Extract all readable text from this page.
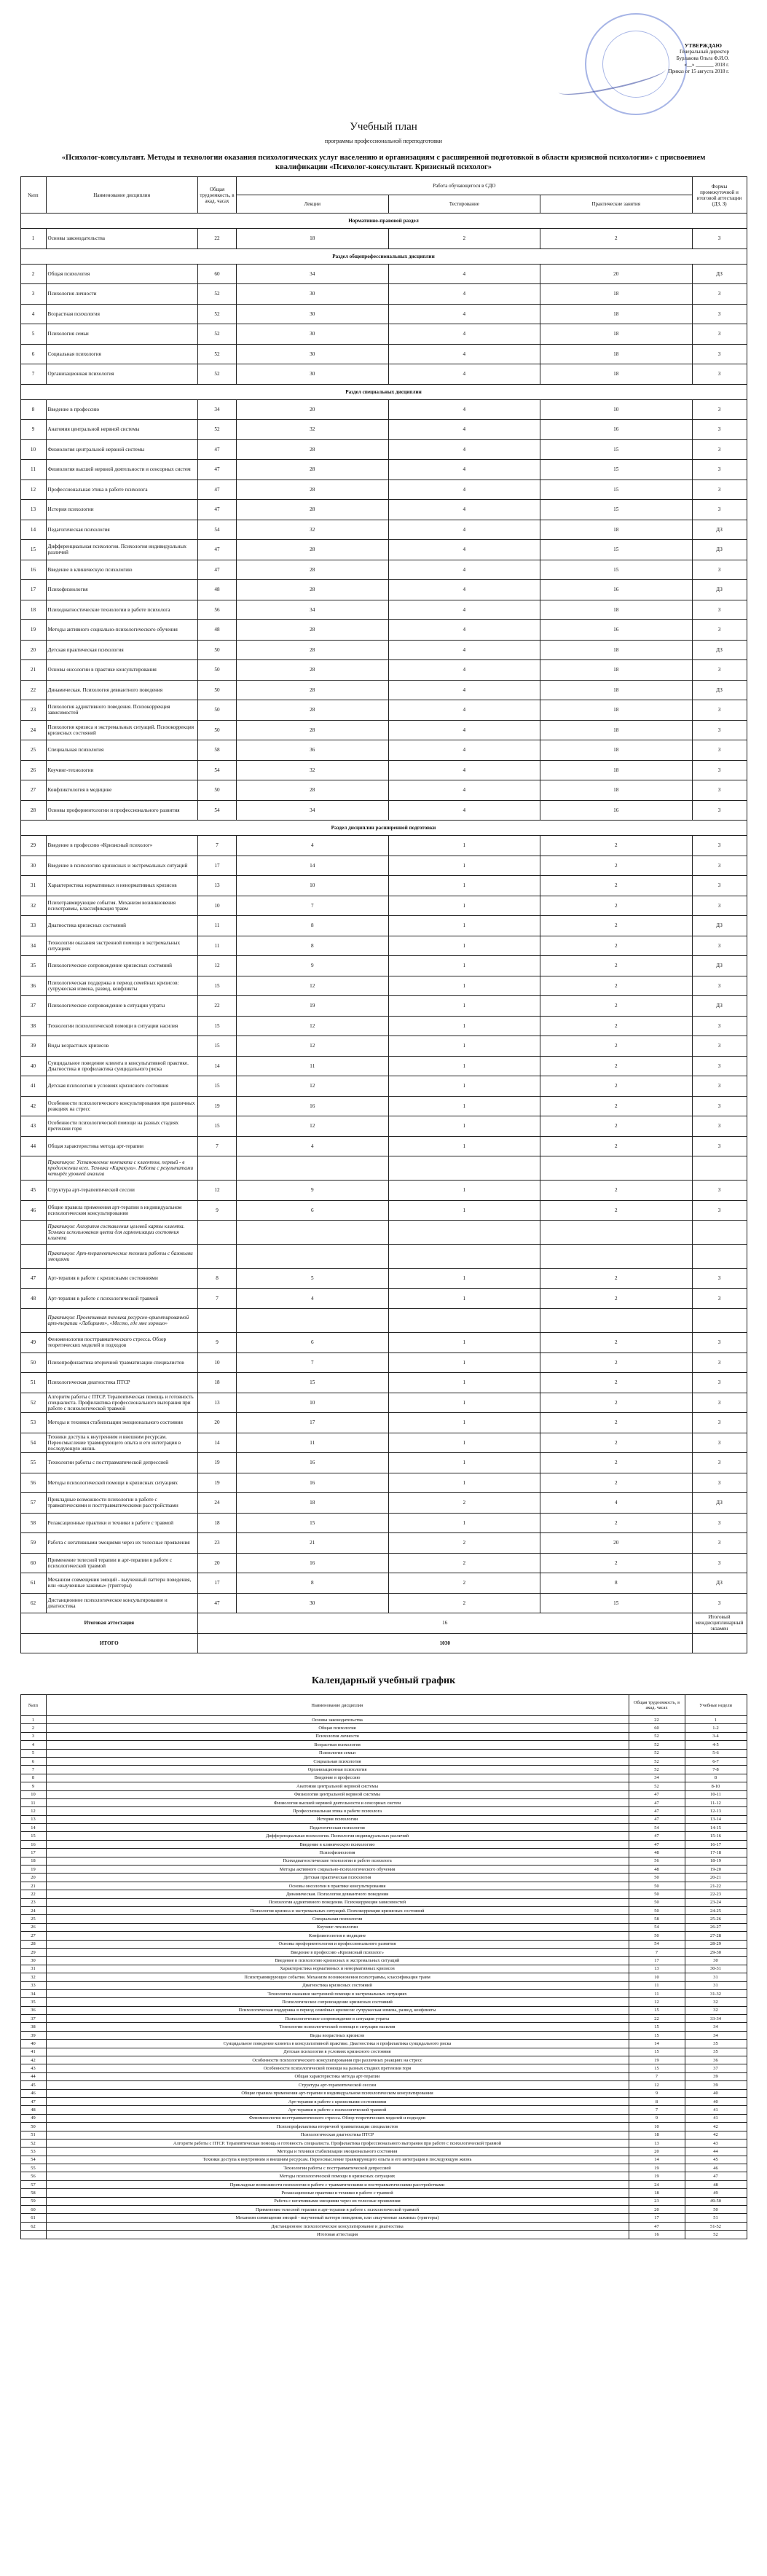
УТВЕРЖДАЮ
Генеральный директор
Бурлакова Ольга Ф.И.О.
«__» _______ 2018 г.
Приказ от 15 августа 2018 г.
Учебный план
программы профессиональной переподготовки
«Психолог-консультант. Методы и технологии оказания психологических услуг населению и организациям с расширенной подготовкой в области кризисной психологии» с присвоением квалификации «Психолог-консультант. Кризисный психолог»
№пп	Наименование дисциплин	Общая трудоемкость, в акад. часах	Работа обучающегося в СДО			Формы промежуточной и итоговой аттестации (ДЗ, З)
			Лекции	Тестирование	Практические занятия	
Нормативно-правовой раздел						
1	Основы законодательства	22	18	2	2	З
Раздел общепрофессиональных дисциплин						
2	Общая психология	60	34	4	20	ДЗ
3	Психология личности	52	30	4	18	З
4	Возрастная психология	52	30	4	18	З
5	Психология семьи	52	30	4	18	З
6	Социальная психология	52	30	4	18	З
7	Организационная психология	52	30	4	18	З
Раздел специальных дисциплин						
8	Введение в профессию	34	20	4	10	З
9	Анатомия центральной нервной системы	52	32	4	16	З
10	Физиология центральной нервной системы	47	28	4	15	З
11	Физиология высшей нервной деятельности и сенсорных систем	47	28	4	15	З
12	Профессиональная этика в работе психолога	47	28	4	15	З
13	История психологии	47	28	4	15	З
14	Педагогическая психология	54	32	4	18	ДЗ
15	Дифференциальная психология. Психология индивидуальных различий	47	28	4	15	ДЗ
16	Введение в клиническую психологию	47	28	4	15	З
17	Психофизиология	48	28	4	16	ДЗ
18	Психодиагностические технологии в работе психолога	56	34	4	18	З
19	Методы активного социально-психологического обучения	48	28	4	16	З
20	Детская практическая психология	50	28	4	18	ДЗ
21	Основы онсологии в практике консультирования	50	28	4	18	З
22	Динамическая. Психология девиантного поведения	50	28	4	18	ДЗ
23	Психология аддиктивного поведения. Психокоррекция зависимостей	50	28	4	18	З
24	Психология кризиса и экстремальных ситуаций. Психокоррекция кризисных состояний	50	28	4	18	З
25	Специальная психология	58	36	4	18	З
26	Коучинг-технологии	54	32	4	18	З
27	Конфликтология в медицине	50	28	4	18	З
28	Основы профориентологии и профессионального развития	54	34	4	16	З
Раздел дисциплин расширенной подготовки						
29	Введение в профессию «Кризисный психолог»	7	4	1	2	З
30	Введение в психологию кризисных и экстремальных ситуаций	17	14	1	2	З
31	Характеристика нормативных и ненормативных кризисов	13	10	1	2	З
32	Психотравмирующие события. Механизм возникновения психотравмы, классификация травм	10	7	1	2	З
33	Диагностика кризисных состояний	11	8	1	2	ДЗ
34	Технологии оказания экстренной помощи в экстремальных ситуациях	11	8	1	2	З
35	Психологическое сопровождение кризисных состояний	12	9	1	2	ДЗ
36	Психологическая поддержка в период семейных кризисов: супружеская измена, развод, конфликты	15	12	1	2	З
37	Психологическое сопровождение в ситуации утраты	22	19	1	2	ДЗ
38	Технологии психологической помощи в ситуации насилия	15	12	1	2	З
39	Виды возрастных кризисов	15	12	1	2	З
40	Суицидальное поведение клиента в консультативной практике. Диагностика и профилактика суицидального риска	14	11	1	2	З
41	Детская психология в условиях кризисного состояния	15	12	1	2	З
42	Особенности психологического консультирования при различных реакциях на стресс	19	16	1	2	З
43	Особенности психологической помощи на разных стадиях претензии горя	15	12	1	2	З
44	Общая характеристика метода арт-терапии	7	4	1	2	З
	Практикум: Установление контакта с клиентом, первый - в продолжении всех. Техника «Каракули». Работа с результатами четырёх уровней анализа					
45	Структура арт-терапевтической сессии	12	9	1	2	З
46	Общие правила применения арт-терапии в индивидуальном психологическом консультировании	9	6	1	2	З
	Практикум: Алгоритм составления целевой карты клиента. Техники использования цвета для гармонизации состояния клиента					
	Практикум: Арт-терапевтические техники работы с базовыми эмоциями					
47	Арт-терапия в работе с кризисными состояниями	8	5	1	2	З
48	Арт-терапия в работе с психологической травмой	7	4	1	2	З
	Практикум: Проективная техника ресурсно-ориентированной арт-терапии «Лабиринт», «Место, где мне хорошо»					
49	Феноменология посттравматического стресса. Обзор теоретических моделей и подходов	9	6	1	2	З
50	Психопрофилактика вторичной травматизации специалистов	10	7	1	2	З
51	Психологическая диагностика ПТСР	18	15	1	2	З
52	Алгоритм работы с ПТСР. Терапевтическая помощь и готовность специалиста. Профилактика профессионального выгорания при работе с психологической травмой	13	10	1	2	З
53	Методы и техники стабилизации эмоционального состояния	20	17	1	2	З
54	Техники доступа к внутренним и внешним ресурсам. Переосмысление травмирующего опыта и его интеграция в последующую жизнь	14	11	1	2	З
55	Технологии работы с посттравматической депрессией	19	16	1	2	З
56	Методы психологической помощи в кризисных ситуациях	19	16	1	2	З
57	Прикладные возможности психологии в работе с травматическими и посттравматическими расстройствами	24	18	2	4	ДЗ
58	Релаксационные практики и техники в работе с травмой	18	15	1	2	З
59	Работа с негативными эмоциями через их телесные проявления	23	21	2	20	З
60	Применение телесной терапии и арт-терапии в работе с психологической травмой	20	16	2	2	З
61	Механизм совмещения эмоций - выученный паттерн поведения, или «выученные зажимы» (триггеры)	17	8	2	8	ДЗ
62	Дистанционное психологическое консультирование и диагностика	47	30	2	15	З
Итоговая аттестация		16				Итоговый междисциплинарный экзамен
ИТОГО		1030				
Календарный учебный график
№пп	Наименование дисциплин	Общая трудоемкость, в акад. часах	Учебные недели
1	Основы законодательства	22	1
2	Общая психология	60	1-2
3	Психология личности	52	3-4
4	Возрастная психология	52	4-5
5	Психология семьи	52	5-6
6	Социальная психология	52	6-7
7	Организационная психология	52	7-8
8	Введение в профессию	34	8
9	Анатомия центральной нервной системы	52	8-10
10	Физиология центральной нервной системы	47	10-11
11	Физиология высшей нервной деятельности и сенсорных систем	47	11-12
12	Профессиональная этика в работе психолога	47	12-13
13	История психологии	47	13-14
14	Педагогическая психология	54	14-15
15	Дифференциальная психология. Психология индивидуальных различий	47	15-16
16	Введение в клиническую психологию	47	16-17
17	Психофизиология	48	17-18
18	Психодиагностические технологии в работе психолога	56	18-19
19	Методы активного социально-психологического обучения	48	19-20
20	Детская практическая психология	50	20-21
21	Основы онсологии в практике консультирования	50	21-22
22	Динамическая. Психология девиантного поведения	50	22-23
23	Психология аддиктивного поведения. Психокоррекция зависимостей	50	23-24
24	Психология кризиса и экстремальных ситуаций. Психокоррекция кризисных состояний	50	24-25
25	Специальная психология	58	25-26
26	Коучинг-технологии	54	26-27
27	Конфликтология в медицине	50	27-28
28	Основы профориентологии и профессионального развития	54	28-29
29	Введение в профессию «Кризисный психолог»	7	29-30
30	Введение в психологию кризисных и экстремальных ситуаций	17	30
31	Характеристика нормативных и ненормативных кризисов	13	30-31
32	Психотравмирующие события. Механизм возникновения психотравмы, классификация травм	10	31
33	Диагностика кризисных состояний	11	31
34	Технологии оказания экстренной помощи в экстремальных ситуациях	11	31-32
35	Психологическое сопровождение кризисных состояний	12	32
36	Психологическая поддержка в период семейных кризисов: супружеская измена, развод, конфликты	15	32
37	Психологическое сопровождение в ситуации утраты	22	33-34
38	Технологии психологической помощи в ситуации насилия	15	34
39	Виды возрастных кризисов	15	34
40	Суицидальное поведение клиента в консультативной практике. Диагностика и профилактика суицидального риска	14	35
41	Детская психология в условиях кризисного состояния	15	35
42	Особенности психологического консультирования при различных реакциях на стресс	19	36
43	Особенности психологической помощи на разных стадиях претензии горя	15	37
44	Общая характеристика метода арт-терапии	7	39
45	Структура арт-терапевтической сессии	12	39
46	Общие правила применения арт-терапии в индивидуальном психологическом консультировании	9	40
47	Арт-терапия в работе с кризисными состояниями	8	40
48	Арт-терапия в работе с психологической травмой	7	41
49	Феноменология посттравматического стресса. Обзор теоретических моделей и подходов	9	41
50	Психопрофилактика вторичной травматизации специалистов	10	42
51	Психологическая диагностика ПТСР	18	42
52	Алгоритм работы с ПТСР. Терапевтическая помощь и готовность специалиста. Профилактика профессионального выгорания при работе с психологической травмой	13	43
53	Методы и техники стабилизации эмоционального состояния	20	44
54	Техники доступа к внутренним и внешним ресурсам. Переосмысление травмирующего опыта и его интеграция в последующую жизнь	14	45
55	Технологии работы с посттравматической депрессией	19	46
56	Методы психологической помощи в кризисных ситуациях	19	47
57	Прикладные возможности психологии в работе с травматическими и посттравматическими расстройствами	24	48
58	Релаксационные практики и техники в работе с травмой	18	49
59	Работа с негативными эмоциями через их телесные проявления	23	49-50
60	Применение телесной терапии и арт-терапии в работе с психологической травмой	20	50
61	Механизм совмещения эмоций - выученный паттерн поведения, или «выученные зажимы» (триггеры)	17	51
62	Дистанционное психологическое консультирование и диагностика	47	51-52
	Итоговая аттестация	16	52
